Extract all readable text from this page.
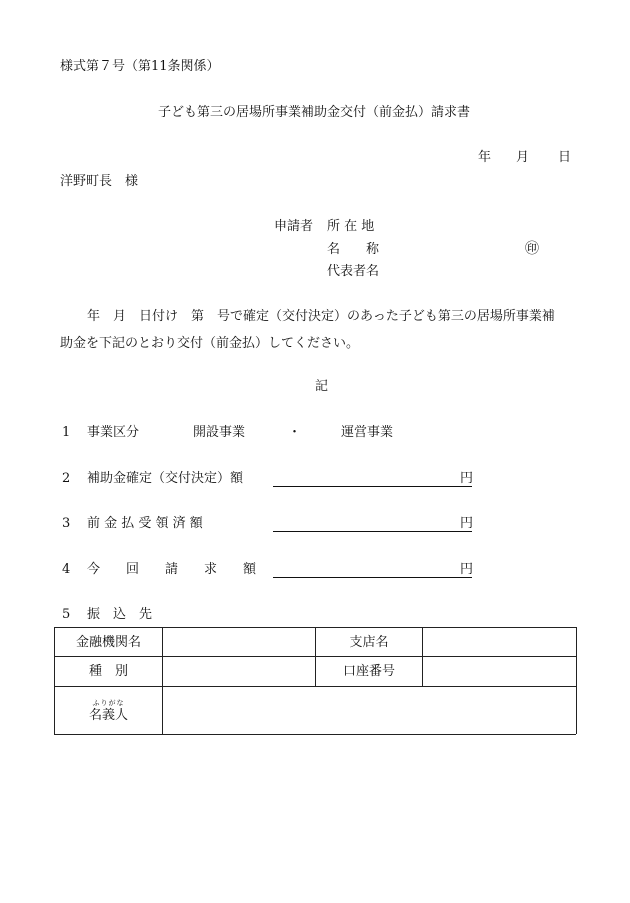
様式第７号（第11条関係）
子ども第三の居場所事業補助金交付（前金払）請求書
年 月 日
洋野町長　様
申請者 所 在 地
名　　称	㊞
代表者名
年　月　日付け　第　号で確定（交付決定）のあった子ども第三の居場所事業補
助金を下記のとおり交付（前金払）してください。
記
1 事業区分	開設事業	・	運営事業
2 補助金確定（交付決定）額	円
3 前 金 払 受 領 済 額	円
4 今　　回　　請　　求　　額	円
5 振　込　先
金融機関名	支店名
種　別	口座番号
ふりがな
名義人
